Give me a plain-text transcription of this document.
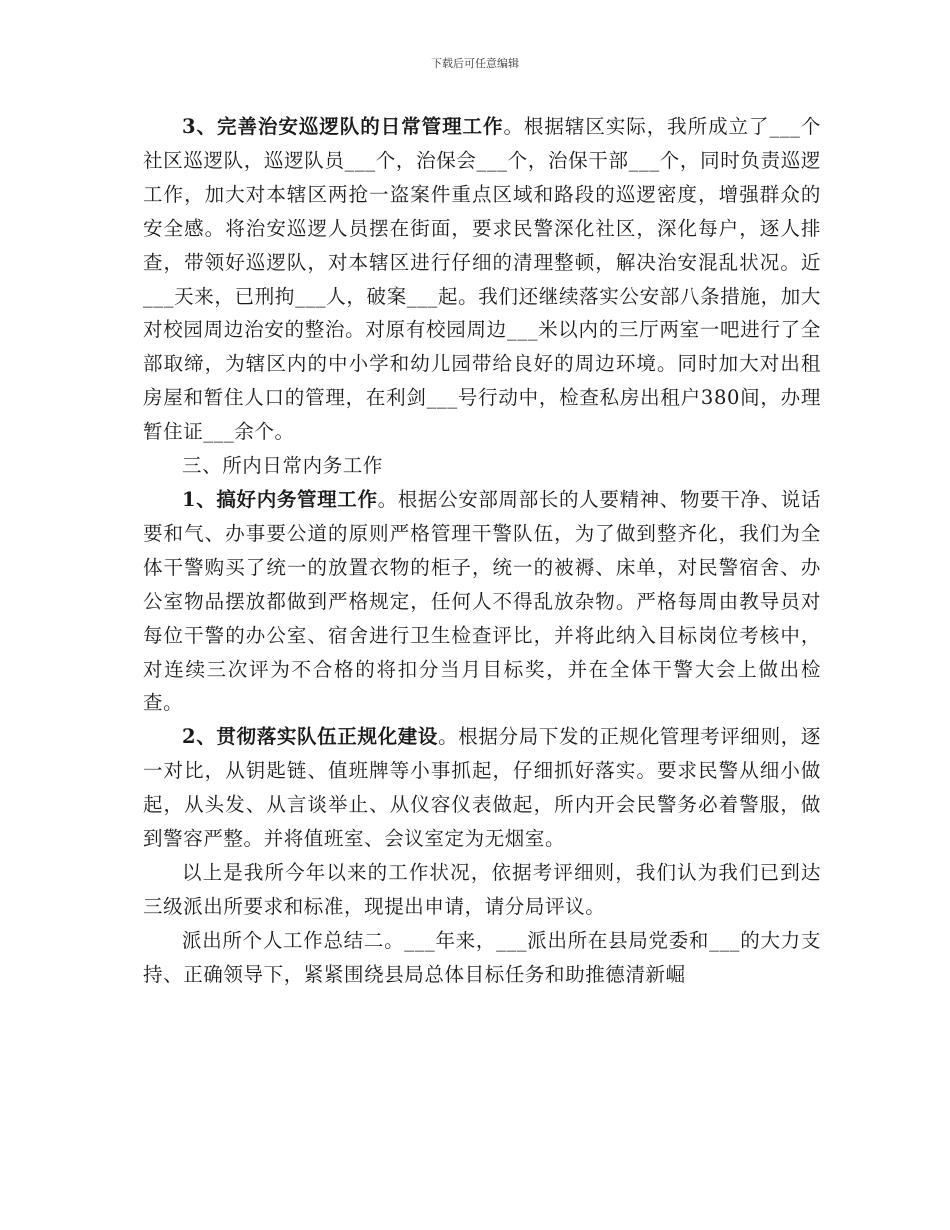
下载后可任意编辑

3、完善治安巡逻队的日常管理工作。根据辖区实际，我所成立了___个社区巡逻队，巡逻队员___个，治保会___个，治保干部___个，同时负责巡逻工作，加大对本辖区两抢一盗案件重点区域和路段的巡逻密度，增强群众的安全感。将治安巡逻人员摆在街面，要求民警深化社区，深化每户，逐人排查，带领好巡逻队，对本辖区进行仔细的清理整顿，解决治安混乱状况。近___天来，已刑拘___人，破案___起。我们还继续落实公安部八条措施，加大对校园周边治安的整治。对原有校园周边___米以内的三厅两室一吧进行了全部取缔，为辖区内的中小学和幼儿园带给良好的周边环境。同时加大对出租房屋和暂住人口的管理，在利剑___号行动中，检查私房出租户380间，办理暂住证___余个。

三、所内日常内务工作

1、搞好内务管理工作。根据公安部周部长的人要精神、物要干净、说话要和气、办事要公道的原则严格管理干警队伍，为了做到整齐化，我们为全体干警购买了统一的放置衣物的柜子，统一的被褥、床单，对民警宿舍、办公室物品摆放都做到严格规定，任何人不得乱放杂物。严格每周由教导员对每位干警的办公室、宿舍进行卫生检查评比，并将此纳入目标岗位考核中，对连续三次评为不合格的将扣分当月目标奖，并在全体干警大会上做出检查。

2、贯彻落实队伍正规化建设。根据分局下发的正规化管理考评细则，逐一对比，从钥匙链、值班牌等小事抓起，仔细抓好落实。要求民警从细小做起，从头发、从言谈举止、从仪容仪表做起，所内开会民警务必着警服，做到警容严整。并将值班室、会议室定为无烟室。

以上是我所今年以来的工作状况，依据考评细则，我们认为我们已到达三级派出所要求和标准，现提出申请，请分局评议。

派出所个人工作总结二。___年来，___派出所在县局党委和___的大力支持、正确领导下，紧紧围绕县局总体目标任务和助推德清新崛
